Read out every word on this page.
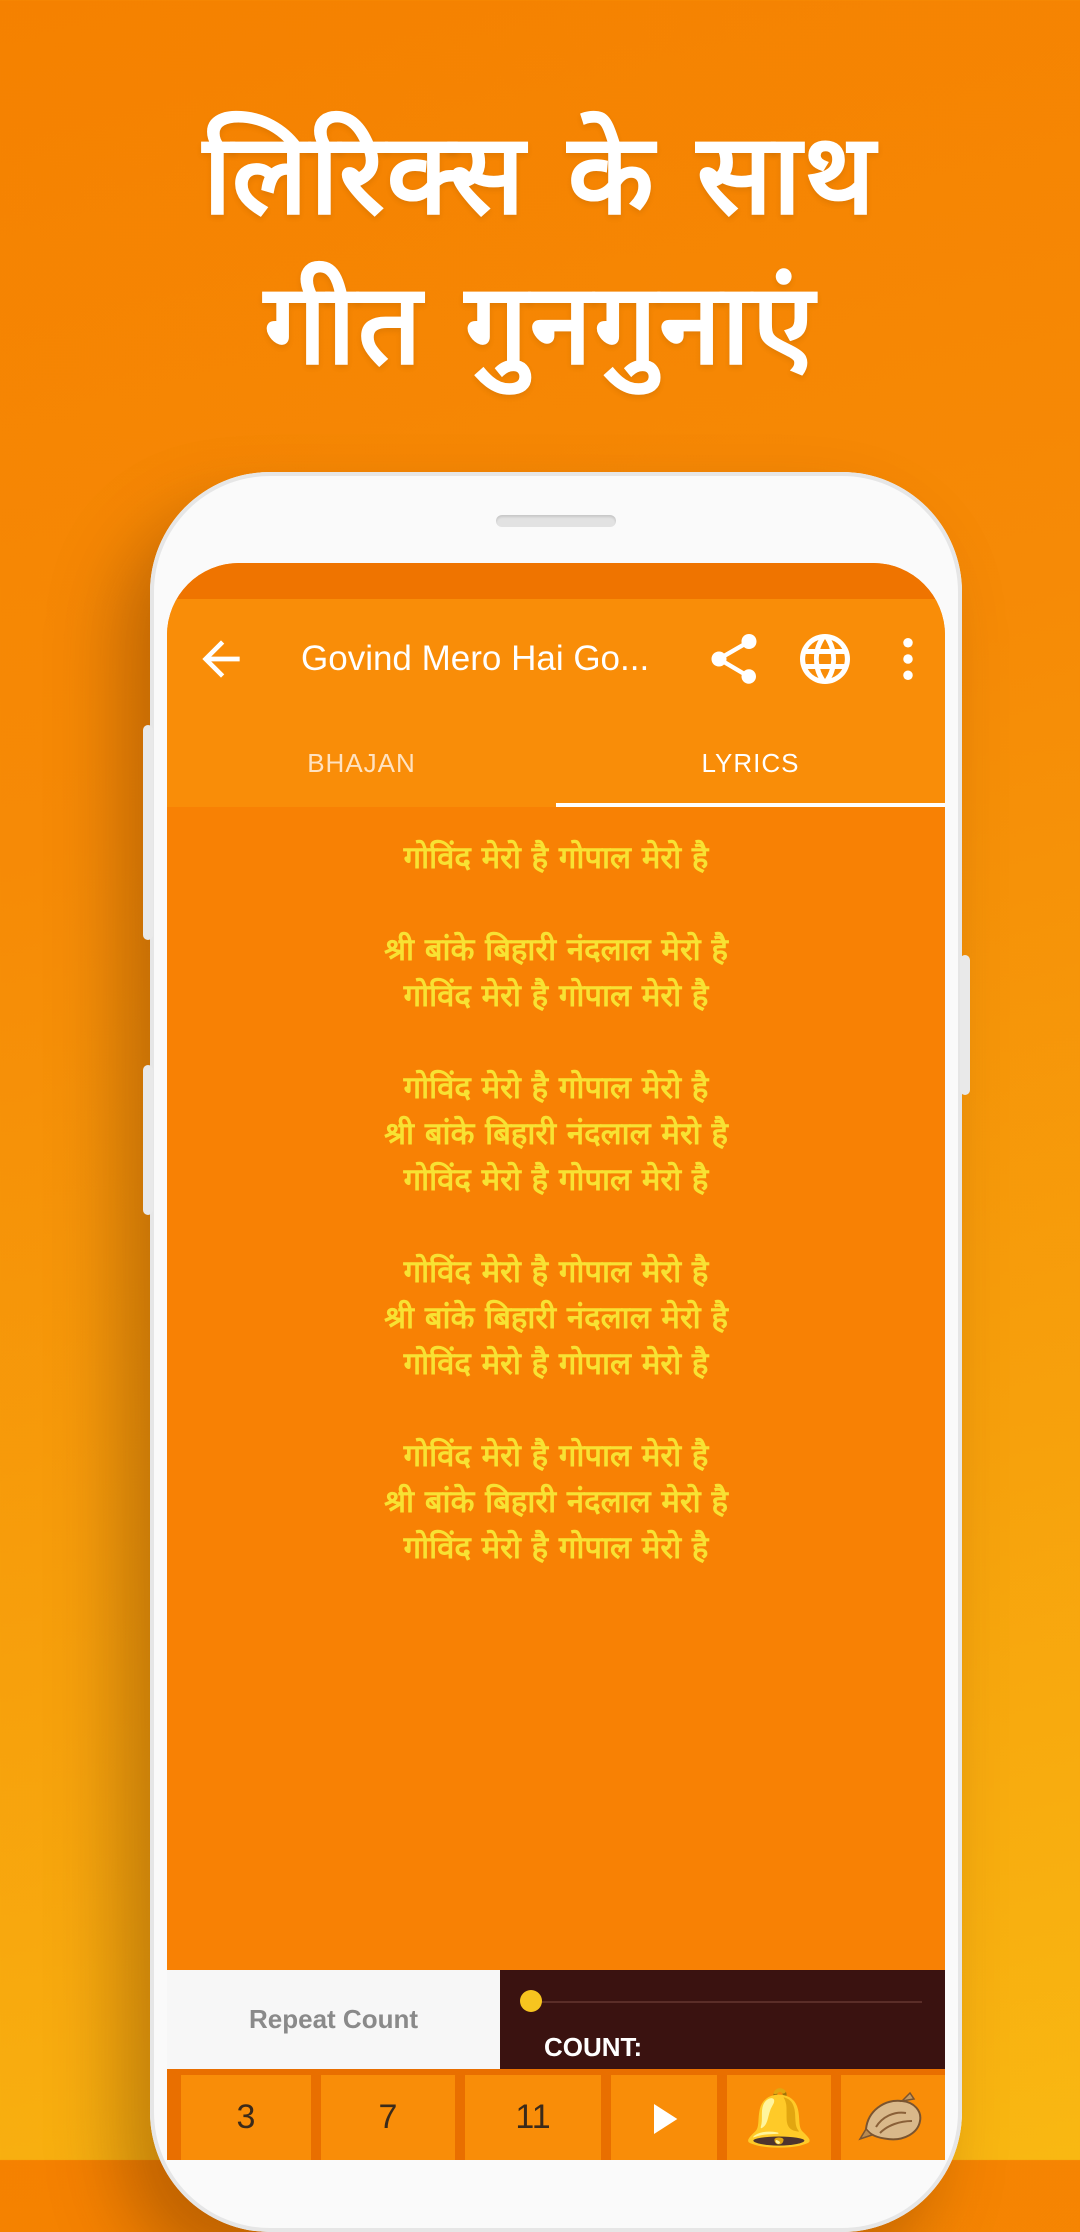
लिरिक्स के साथ
गीत गुनगुनाएं
Govind Mero Hai Go...
BHAJAN	LYRICS
गोविंद मेरो है गोपाल मेरो है
श्री बांके बिहारी नंदलाल मेरो है
गोविंद मेरो है गोपाल मेरो है
गोविंद मेरो है गोपाल मेरो है
श्री बांके बिहारी नंदलाल मेरो है
गोविंद मेरो है गोपाल मेरो है
गोविंद मेरो है गोपाल मेरो है
श्री बांके बिहारी नंदलाल मेरो है
गोविंद मेरो है गोपाल मेरो है
गोविंद मेरो है गोपाल मेरो है
श्री बांके बिहारी नंदलाल मेरो है
गोविंद मेरो है गोपाल मेरो है
Repeat Count
COUNT:
3	7	11	🔔
